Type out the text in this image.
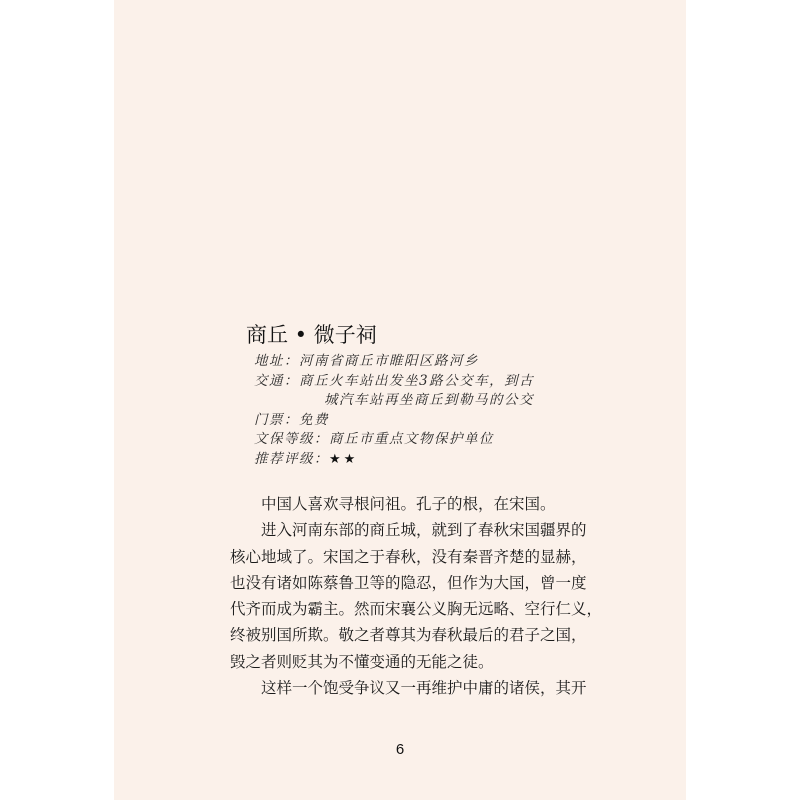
商丘 • 微子祠
地址： 河南省商丘市睢阳区路河乡
交通： 商丘火车站出发坐3路公交车，到古
城汽车站再坐商丘到勒马的公交
门票： 免费
文保等级： 商丘市重点文物保护单位
推荐评级： ★★

中国人喜欢寻根问祖。孔子的根，在宋国。

进入河南东部的商丘城，就到了春秋宋国疆界的

核心地域了。宋国之于春秋，没有秦晋齐楚的显赫，

也没有诸如陈蔡鲁卫等的隐忍，但作为大国，曾一度

代齐而成为霸主。然而宋襄公义胸无远略、空行仁义，

终被别国所欺。敬之者尊其为春秋最后的君子之国，

毁之者则贬其为不懂变通的无能之徒。

这样一个饱受争议又一再维护中庸的诸侯，其开

6
